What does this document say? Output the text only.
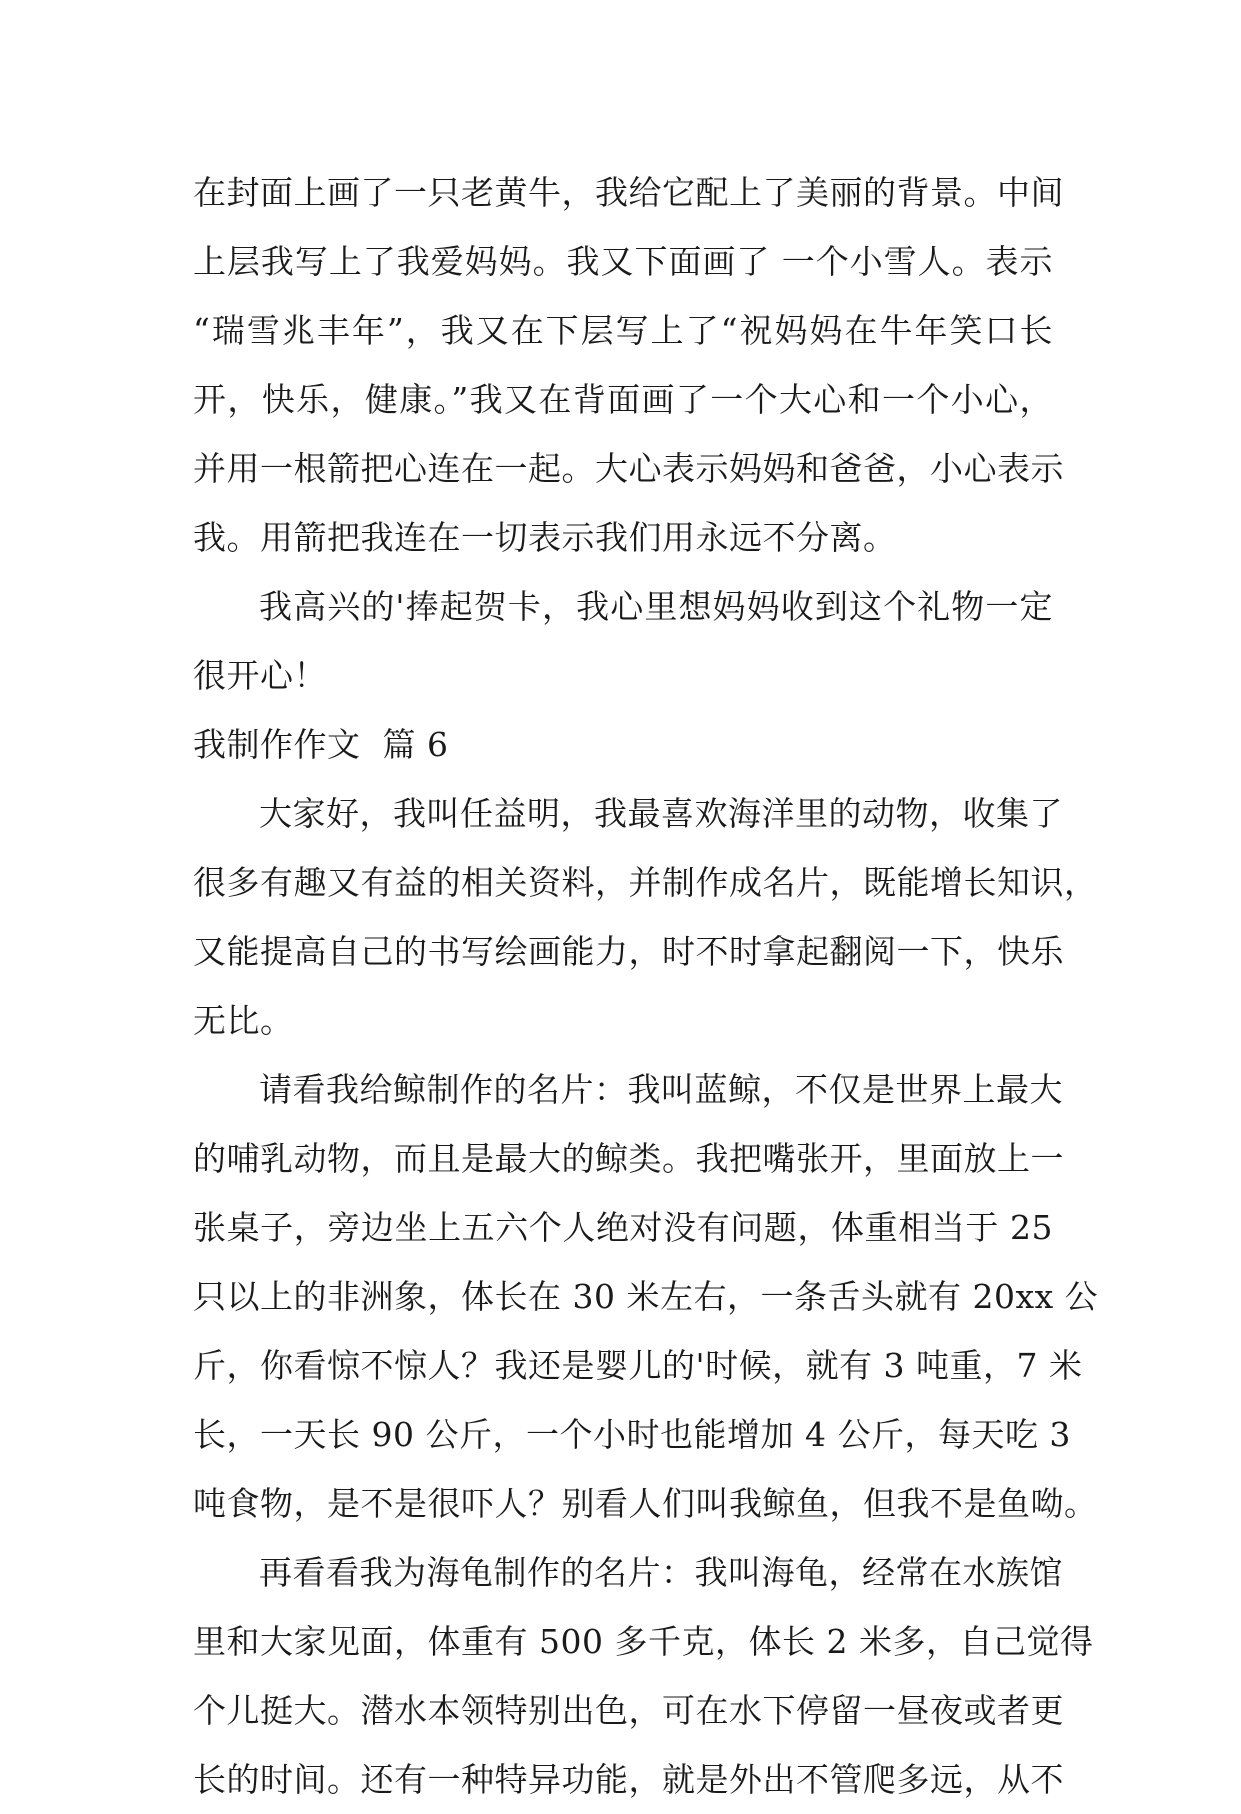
在封面上画了一只老黄牛，我给它配上了美丽的背景。中间
上层我写上了我爱妈妈。我又下面画了 一个小雪人。表示
“瑞雪兆丰年”，我又在下层写上了“祝妈妈在牛年笑口长
开，快乐，健康。”我又在背面画了一个大心和一个小心，
并用一根箭把心连在一起。大心表示妈妈和爸爸，小心表示
我。用箭把我连在一切表示我们用永远不分离。
我高兴的'捧起贺卡，我心里想妈妈收到这个礼物一定
很开心！
我制作作文  篇 6
大家好，我叫任益明，我最喜欢海洋里的动物，收集了
很多有趣又有益的相关资料，并制作成名片，既能增长知识，
又能提高自己的书写绘画能力，时不时拿起翻阅一下，快乐
无比。
请看我给鲸制作的名片：我叫蓝鲸，不仅是世界上最大
的哺乳动物，而且是最大的鲸类。我把嘴张开，里面放上一
张桌子，旁边坐上五六个人绝对没有问题，体重相当于 25
只以上的非洲象，体长在 30 米左右，一条舌头就有 20xx 公
斤，你看惊不惊人？我还是婴儿的'时候，就有 3 吨重，7 米
长，一天长 90 公斤，一个小时也能增加 4 公斤，每天吃 3
吨食物，是不是很吓人？别看人们叫我鲸鱼，但我不是鱼呦。
再看看我为海龟制作的名片：我叫海龟，经常在水族馆
里和大家见面，体重有 500 多千克，体长 2 米多，自己觉得
个儿挺大。潜水本领特别出色，可在水下停留一昼夜或者更
长的时间。还有一种特异功能，就是外出不管爬多远，从不
